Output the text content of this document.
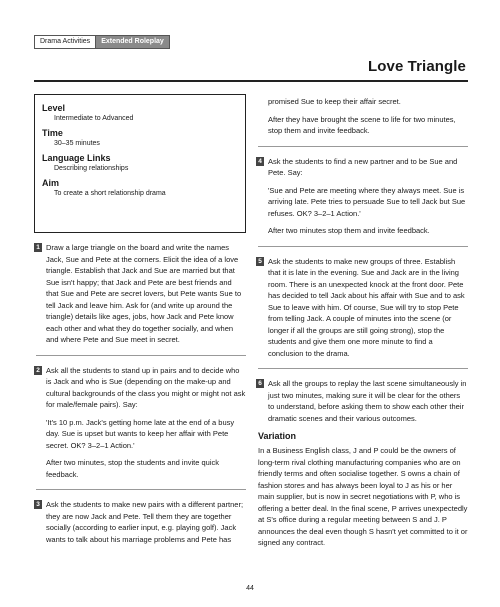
Drama Activities	Extended Roleplay
Love Triangle
Level
Intermediate to Advanced
Time
30–35 minutes
Language Links
Describing relationships
Aim
To create a short relationship drama
1 Draw a large triangle on the board and write the names Jack, Sue and Pete at the corners. Elicit the idea of a love triangle. Establish that Jack and Sue are married but that Sue isn't happy; that Jack and Pete are best friends and that Sue and Pete are secret lovers, but Pete wants Sue to tell Jack and leave him. Ask for (and write up around the triangle) details like ages, jobs, how Jack and Pete know each other and what they do together socially, and when and where Pete and Sue meet in secret.

2 Ask all the students to stand up in pairs and to decide who is Jack and who is Sue (depending on the make-up and cultural backgrounds of the class you might or might not ask for male/female pairs). Say:

'It's 10 p.m. Jack's getting home late at the end of a busy day. Sue is upset but wants to keep her affair with Pete secret. OK? 3–2–1 Action.'

After two minutes, stop the students and invite quick feedback.

3 Ask the students to make new pairs with a different partner; they are now Jack and Pete. Tell them they are together socially (according to earlier input, e.g. playing golf). Jack wants to talk about his marriage problems and Pete has

promised Sue to keep their affair secret.

After they have brought the scene to life for two minutes, stop them and invite feedback.

4 Ask the students to find a new partner and to be Sue and Pete. Say:

'Sue and Pete are meeting where they always meet. Sue is arriving late. Pete tries to persuade Sue to tell Jack but Sue refuses. OK? 3–2–1 Action.'

After two minutes stop them and invite feedback.

5 Ask the students to make new groups of three. Establish that it is late in the evening. Sue and Jack are in the living room. There is an unexpected knock at the front door. Pete has decided to tell Jack about his affair with Sue and to ask Sue to leave with him. Of course, Sue will try to stop Pete from telling Jack. A couple of minutes into the scene (or longer if all the groups are still going strong), stop the students and give them one more minute to find a conclusion to the drama.

6 Ask all the groups to replay the last scene simultaneously in just two minutes, making sure it will be clear for the others to understand, before asking them to show each other their dramatic scenes and their various outcomes.

Variation

In a Business English class, J and P could be the owners of long-term rival clothing manufacturing companies who are on friendly terms and often socialise together. S owns a chain of fashion stores and has always been loyal to J as his or her main supplier, but is now in secret negotiations with P, who is offering a better deal. In the final scene, P arrives unexpectedly at S's office during a regular meeting between S and J. P announces the deal even though S hasn't yet committed to it or signed any contract.

44
